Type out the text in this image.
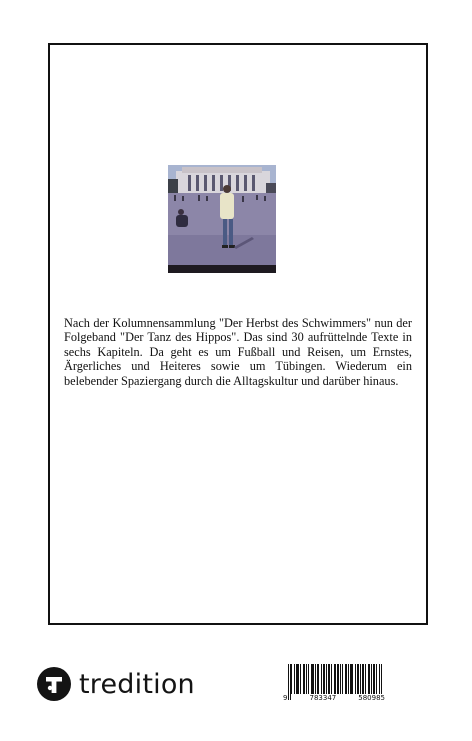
Nach der Kolumnensammlung "Der Herbst des Schwimmers" nun der Folgeband "Der Tanz des Hippos". Das sind 30 aufrüttelnde Texte in sechs Kapiteln. Da geht es um Fußball und Reisen, um Ernstes, Ärgerliches und Heiteres sowie um Tübingen. Wiederum ein belebender Spaziergang durch die Alltagskultur und darüber hinaus.

tredition	9	783347	580985
